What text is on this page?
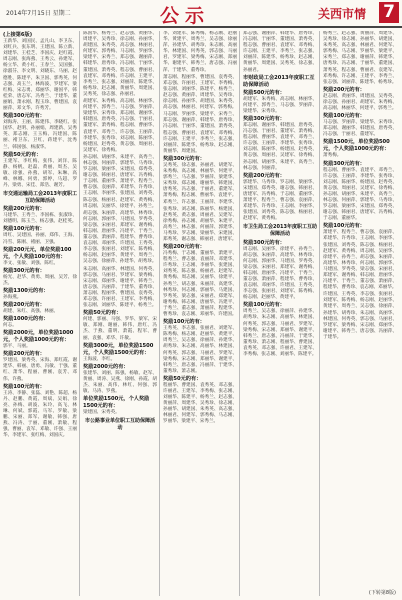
2014年7月15日 星期二	公示	关西市情 7
(上接第6版)
王新华、刘国民、孟凡山、李卫东、刘红兵、张东明、王建国、陈立新、刘建华、王桂芝、李国庆、赵红霞、周志刚、张海燕、王秀云、孙建军、杨立华、黄小红、王春兰、吴国强、徐淑芬、李文明、刘晓东、马丽、赵德胜、陈建平、朱卫国、郭秀英、何志强、高玉兰、林海波、罗建军、梁红梅、宋志勇、郑丽华、谢国平、韩桂荣、唐志军、冯秀兰、于建华、董丽娟、萧永刚、程玉珍、曹建国、袁丽萍、邓文华、许秀芳。
奖励300元的有：
刘海涛、王丽、陈建伟、李晓红、张国华、赵明、孙丽娟、周建新、吴秀英、郑志刚、王玉梅、冯建国、陈丽、褚卫东、卫红、蒋建平、沈秀兰、韩国强、杨淑华。
奖励50元的有：
王建军、李红梅、张伟、刘洋、陈静、杨帆、赵磊、黄丽、周杰、吴敏、徐强、孙燕、胡军、朱琳、高峰、林娜、何勇、郭婷、马超、罗丹、梁勇、宋佳、郑浩、谢芳。
市交通运输局工会2013年度职工互助保障活动
奖励200元的有：
马建华、王秀兰、李国栋、张淑珍、刘德明、陈玉兰、杨志强、赵桂英。
奖励100元的有：
周红、吴建国、孙丽、郑伟、王海、冯雪、陈刚、褚丽、卫强。
奖励200元元，单位奖励100元，个人奖励100元的有：
李文、张敏、刘强、陈红。
奖励300元的有：
杨光、赵华、黄勇、周丽、吴芳、徐杰。
奖励1300元的有：
孙海燕。
奖励200元的有：
胡建、朱红、高强、林丽。
奖励1000元的有：
何志。
奖励2000元，单位奖励1000元，个人奖励1000元的有：
郭平、马丽。
奖励200元的有：
罗建国、梁秀英、宋海、郑红霞、谢建华、韩丽、唐勇、冯敏、于强、董红、萧华、程丽、曹刚、袁芳、邓伟、许燕。
奖励100元的有：
王涛、李静、张磊、刘艳、陈超、杨丹、赵鹏、黄霞、周斌、吴娟、徐亮、孙梅、胡波、朱玲、高飞、林琳、何斌、郭霞、马军、罗敏、梁鹏、宋丽、郑军、谢敏、韩强、唐燕、冯涛、于丽、董刚、萧敏、程强、曹丽、袁军、邓敏、许强、王丽华、李建军、张红梅、刘国庆。
陈国华、杨秀兰、赵志强、黄丽华、周建平、吴秀珍、徐志刚、孙丽华、胡建国、朱秀英、高志强、林丽君、何建军、郭秀梅、马志刚、罗丽华、梁建平、宋秀兰、郑志强、谢丽萍、韩建华、唐秀珍、冯志刚、于丽华、董建国、萧秀英、程志强、曹丽君、袁建军、邓秀梅、许志刚、王建平、李秀兰、张志强、刘丽萍、陈建华、杨秀珍、赵志刚、黄丽华、周建国、吴秀英、徐志强、孙丽君。
胡建军、朱秀梅、高志刚、林丽华、何建平、郭秀兰、马志强、罗丽萍、梁建华、宋秀珍、郑志刚、谢丽华、韩建国、唐秀英、冯志强、于丽君、董建军、萧秀梅、程志刚、曹丽华、袁建平、邓秀兰、许志强、王丽萍、李建华、张秀珍、刘志刚、陈丽华、杨建国、赵秀英、黄志强、周丽君、吴建军、徐秀梅。
孙志刚、胡丽华、朱建平、高秀兰、林志强、何丽萍、郭建华、马秀珍、罗志刚、梁丽华、宋建国、郑秀英、谢志强、韩丽君、唐建军、冯秀梅、于志刚、董丽华、萧建平、程秀兰、曹志强、袁丽萍、邓建华、许秀珍、王志刚、李丽华、张建国、刘秀英、陈志强、杨丽君、赵建军、黄秀梅、周志刚、吴丽华、徐建平、孙秀兰。
胡志强、朱丽萍、高建华、林秀珍、何志刚、郭丽华、马建国、罗秀英、梁志强、宋丽君、郑建军、谢秀梅、韩志刚、唐丽华、冯建平、于秀兰、董志强、萧丽萍、程建华、曹秀珍、袁志刚、邓丽华、许建国、王秀英、李志强、张丽君、刘建军、陈秀梅、杨志刚、赵丽华、黄建平、周秀兰、吴志强、徐丽萍、孙建华、胡秀珍。
朱志刚、高丽华、林建国、何秀英、郭志强、马丽君、罗建军、梁秀梅、宋志刚、郑丽华、谢建平、韩秀兰、唐志强、冯丽萍、于建华、董秀珍、萧志刚、程丽华、曹建国、袁秀英、邓志强、许丽君、王建军、李秀梅、张志刚、刘丽华、陈建平、杨秀兰。
奖励50元的有：
何建、郭丽、马强、罗华、梁军、宋敏、郑刚、谢丽、韩伟、唐红、冯杰、于燕、董明、萧霞、程军、曹丽、袁强、邓华、许敏。
奖励3000元，单位奖励1500元，个人奖励1500元的有：
王海波、李红。
奖励2000元的有：
张建华、刘丽、陈强、杨敏、赵军、黄丽、周涛、吴燕、徐刚、孙霞、胡杰、朱丽、高伟、林红、何强、郭敏、马涛、罗燕。
单位奖励1500元，个人奖励1500元的有：
梁建国、宋秀英。
市公路事业单位职工互助保障活动
李、刘建军、陈秀梅、杨志刚、赵丽华、黄建平、周秀兰、吴志强、徐丽萍、孙建华、胡秀珍、朱志刚、高丽华、林建国、何秀英、郭志强、马丽君、罗建军、梁秀梅、宋志刚、郑丽华、谢建平、韩秀兰、唐志强、冯丽萍、于建华、董秀珍。
萧志刚、程丽华、曹建国、袁秀英、邓志强、许丽君、王建军、李秀梅、张志刚、刘丽华、陈建平、杨秀兰、赵志强、黄丽萍、周建华、吴秀珍、徐志刚、孙丽华、胡建国、朱秀英、高志强、林丽君、何建军、郭秀梅。
马志刚、罗丽华、梁建平、宋秀兰、郑志强、谢丽萍、韩建华、唐秀珍、冯志刚、于丽华、董建国、萧秀英、程志强、曹丽君、袁建军、邓秀梅、许志刚、王建平、李秀兰、张志强、刘丽萍、陈建华、杨秀珍、赵志刚、黄丽华、周建国。
奖励300元的有：
吴秀英、徐志强、孙丽君、胡建军、朱秀梅、高志刚、林丽华、何建平、郭秀兰、马志强、罗丽萍、梁建华、宋秀珍、郑志刚、谢丽华、韩建国、唐秀英、冯志强、于丽君、董建军、萧秀梅、程志刚、曹丽华、袁建平。
邓秀兰、许志强、王丽萍、李建华、张秀珍、刘志刚、陈丽华、杨建国、赵秀英、黄志强、周丽君、吴建军、徐秀梅、孙志刚、胡丽华、朱建平、高秀兰、林志强、何丽萍、郭建华、马秀珍、罗志刚、梁丽华、宋建国、郑秀英、谢志强、韩丽君、唐建军。
奖励200元的有：
冯秀梅、于志刚、董丽华、萧建平、程秀兰、曹志强、袁丽萍、邓建华、许秀珍、王志刚、李丽华、张建国、刘秀英、陈志强、杨丽君、赵建军、黄秀梅、周志刚、吴丽华、徐建平、孙秀兰、胡志强、朱丽萍、高建华、林秀珍、何志刚、郭丽华、马建国、罗秀英、梁志强、宋丽君、郑建军、谢秀梅、韩志刚、唐丽华、冯建平、于秀兰、董志强、萧丽萍、程建华、曹秀珍、袁志刚、邓丽华、许建国。
奖励100元的有：
王秀英、李志强、张丽君、刘建军、陈秀梅、杨志刚、赵丽华、黄建平、周秀兰、吴志强、徐丽萍、孙建华、胡秀珍、朱志刚、高丽华、林建国、何秀英、郭志强、马丽君、罗建军、梁秀梅、宋志刚、郑丽华、谢建平、韩秀兰、唐志强、冯丽萍、于建华、董秀珍、萧志刚。
奖励50元的有：
程丽华、曹建国、袁秀英、邓志强、许丽君、王建军、李秀梅、张志刚、刘丽华、陈建平、杨秀兰、赵志强、黄丽萍、周建华、吴秀珍、徐志刚、孙丽华、胡建国、朱秀英、高志强、林丽君、何建军、郭秀梅、马志刚、罗丽华、梁建平、宋秀兰。
郑志强、谢丽萍、韩建华、唐秀珍、冯志刚、于丽华、董建国、萧秀英、程志强、曹丽君、袁建军、邓秀梅、许志刚、王建平、李秀兰、张志强、刘丽萍、陈建华、杨秀珍、赵志刚、黄丽华、周建国、吴秀英、徐志强、孙丽君。
市财政局工会2013年度职工互助保障活动
奖励500元的有：
胡建军、朱秀梅、高志刚、林丽华、何建平、郭秀兰、马志强、罗丽萍、梁建华、宋秀珍。
奖励300元的有：
郑志刚、谢丽华、韩建国、唐秀英、冯志强、于丽君、董建军、萧秀梅、程志刚、曹丽华、袁建平、邓秀兰、许志强、王丽萍、李建华、张秀珍、刘志刚、陈丽华、杨建国、赵秀英、黄志强、周丽君、吴建军、徐秀梅、孙志刚、胡丽华、朱建平、高秀兰、林志强、何丽萍。
奖励200元的有：
郭建华、马秀珍、罗志刚、梁丽华、宋建国、郑秀英、谢志强、韩丽君、唐建军、冯秀梅、于志刚、董丽华、萧建平、程秀兰、曹志强、袁丽萍、邓建华、许秀珍、王志刚、李丽华、张建国、刘秀英、陈志强、杨丽君、赵建军、黄秀梅。
市卫生局工会2013年度职工互助保障活动
奖励300元的有：
周志刚、吴丽华、徐建平、孙秀兰、胡志强、朱丽萍、高建华、林秀珍、何志刚、郭丽华、马建国、罗秀英、梁志强、宋丽君、郑建军、谢秀梅、韩志刚、唐丽华、冯建平、于秀兰、董志强、萧丽萍、程建华、曹秀珍、袁志刚、邓丽华、许建国、王秀英、李志强、张丽君、刘建军、陈秀梅、杨志刚、赵丽华、黄建平。
奖励100元的有：
周秀兰、吴志强、徐丽萍、孙建华、胡秀珍、朱志刚、高丽华、林建国、何秀英、郭志强、马丽君、罗建军、梁秀梅、宋志刚、郑丽华、谢建平、韩秀兰、唐志强、冯丽萍、于建华、董秀珍、萧志刚、程丽华、曹建国、袁秀英、邓志强、许丽君、王建军、李秀梅、张志刚、刘丽华、陈建平。
杨秀兰、赵志强、黄丽萍、周建华、吴秀珍、徐志刚、孙丽华、胡建国、朱秀英、高志强、林丽君、何建军、郭秀梅、马志刚、罗丽华、梁建平、宋秀兰、郑志强、谢丽萍、韩建华、唐秀珍、冯志刚、于丽华、董建国、萧秀英、程志强、曹丽君、袁建军、邓秀梅、许志刚、王建平、李秀兰、张志强、刘丽萍、陈建华、杨秀珍。
奖励200元的有：
赵志刚、黄丽华、周建国、吴秀英、徐志强、孙丽君、胡建军、朱秀梅、高志刚、林丽华、何建平、郭秀兰。
奖励100元的有：
马志强、罗丽萍、梁建华、宋秀珍、郑志刚、谢丽华、韩建国、唐秀英、冯志强、于丽君、董建军。
奖励1500元，单位奖励500元，个人奖励1000元的有：
萧秀梅。
奖励300元的有：
程志刚、曹丽华、袁建平、邓秀兰、许志强、王丽萍、李建华、张秀珍、刘志刚、陈丽华、杨建国、赵秀英、黄志强、周丽君、吴建军、徐秀梅、孙志刚、胡丽华、朱建平、高秀兰、林志强、何丽萍、郭建华、马秀珍、罗志刚、梁丽华、宋建国、郑秀英、谢志强、韩丽君、唐建军、冯秀梅、于志刚、董丽华。
奖励100元的有：
萧建平、程秀兰、曹志强、袁丽萍、邓建华、许秀珍、王志刚、李丽华、张建国、刘秀英、陈志强、杨丽君、赵建军、黄秀梅、周志刚、吴丽华、徐建平、孙秀兰、胡志强、朱丽萍、高建华、林秀珍、何志刚、郭丽华、马建国、罗秀英、梁志强、宋丽君、郑建军、谢秀梅、韩志刚、唐丽华、冯建平、于秀兰、董志强、萧丽萍、程建华、曹秀珍、袁志刚、邓丽华。
许建国、王秀英、李志强、张丽君、刘建军、陈秀梅、杨志刚、赵丽华、黄建平、周秀兰、吴志强、徐丽萍、孙建华、胡秀珍、朱志刚、高丽华、林建国、何秀英、郭志强、马丽君、罗建军、梁秀梅、宋志刚、郑丽华、谢建平、韩秀兰、唐志强、冯丽萍、于建华。
(下转第8版)
